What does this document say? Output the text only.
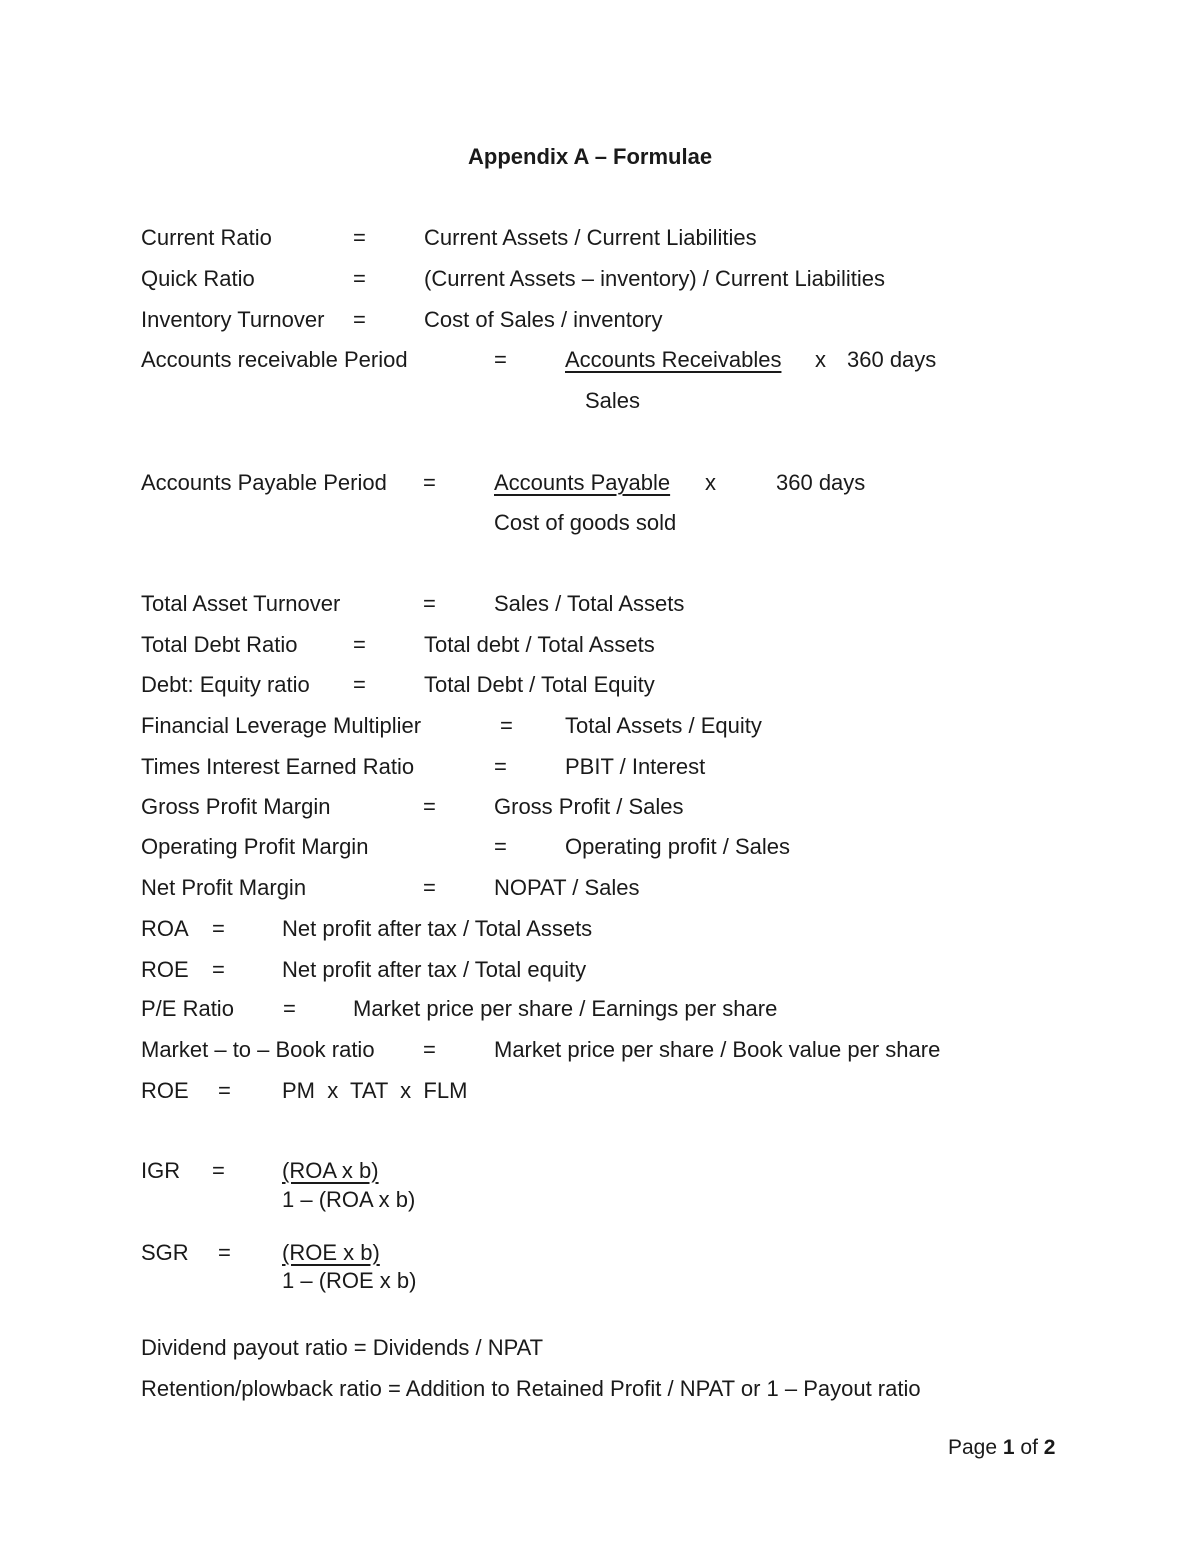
Appendix A – Formulae
Current Ratio	=	Current Assets / Current Liabilities
Quick Ratio	=	(Current Assets – inventory) / Current Liabilities
Inventory Turnover =	Cost of Sales / inventory
Accounts receivable Period	=	Accounts Receivables x 360 days
Sales
Accounts Payable Period =	Accounts Payable x	360 days
Cost of goods sold
Total Asset Turnover	=	Sales / Total Assets
Total Debt Ratio	=	Total debt / Total Assets
Debt: Equity ratio =	Total Debt / Total Equity
Financial Leverage Multiplier	= Total Assets / Equity
Times Interest Earned Ratio	=	PBIT / Interest
Gross Profit Margin	=	Gross Profit / Sales
Operating Profit Margin	=	Operating profit / Sales
Net Profit Margin	=	NOPAT / Sales
ROA =	Net profit after tax / Total Assets
ROE =	Net profit after tax / Total equity
P/E Ratio =	Market price per share / Earnings per share
Market – to – Book ratio =	Market price per share / Book value per share
ROE = PM  x  TAT  x  FLM
IGR =	(ROA x b)
1 – (ROA x b)
SGR = (ROE x b)
1 – (ROE x b)
Dividend payout ratio = Dividends / NPAT
Retention/plowback ratio = Addition to Retained Profit / NPAT or 1 – Payout ratio
Page 1 of 2
